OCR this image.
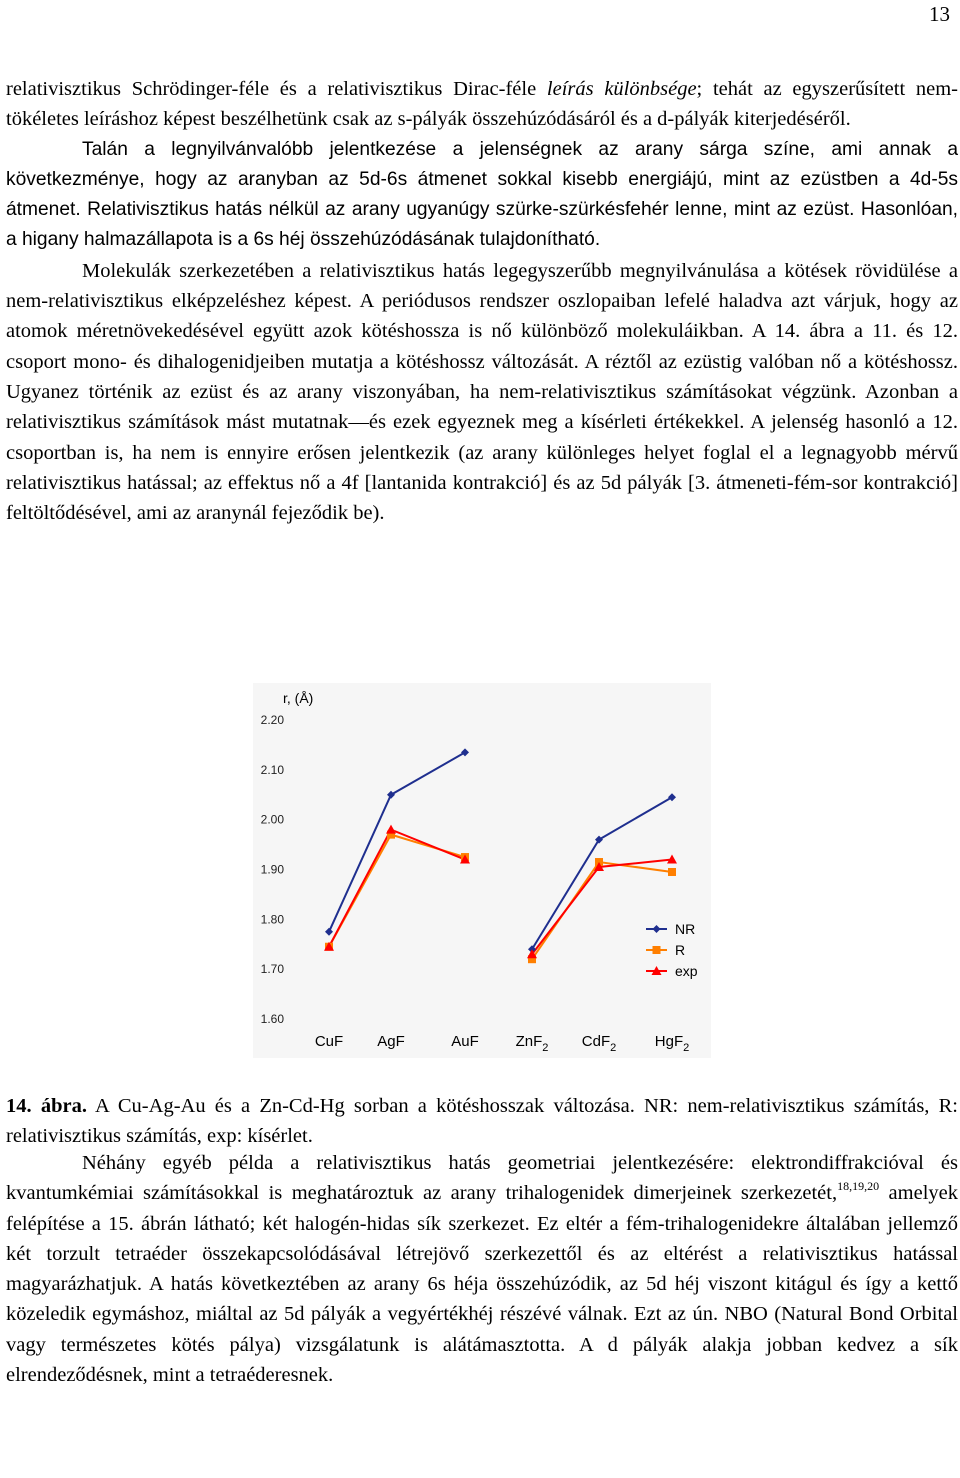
13

relativisztikus Schrödinger-féle és a relativisztikus Dirac-féle leírás különbsége; tehát az egyszerűsített nem-tökéletes leíráshoz képest beszélhetünk csak az s-pályák összehúzódásáról és a d-pályák kiterjedéséről.

Talán a legnyilvánvalóbb jelentkezése a jelenségnek az arany sárga színe, ami annak a következménye, hogy az aranyban az 5d-6s átmenet sokkal kisebb energiájú, mint az ezüstben a 4d-5s átmenet. Relativisztikus hatás nélkül az arany ugyanúgy szürke-szürkésfehér lenne, mint az ezüst. Hasonlóan, a higany halmazállapota is a 6s héj összehúzódásának tulajdonítható.

Molekulák szerkezetében a relativisztikus hatás legegyszerűbb megnyilvánulása a kötések rövidülése a nem-relativisztikus elképzeléshez képest. A periódusos rendszer oszlopaiban lefelé haladva azt várjuk, hogy az atomok méretnövekedésével együtt azok kötéshossza is nő különböző molekuláikban. A 14. ábra a 11. és 12. csoport mono- és dihalogenidjeiben mutatja a kötéshossz változását. A réztől az ezüstig valóban nő a kötéshossz. Ugyanez történik az ezüst és az arany viszonyában, ha nem-relativisztikus számításokat végzünk. Azonban a relativisztikus számítások mást mutatnak—és ezek egyeznek meg a kísérleti értékekkel. A jelenség hasonló a 12. csoportban is, ha nem is ennyire erősen jelentkezik (az arany különleges helyet foglal el a legnagyobb mérvű relativisztikus hatással; az effektus nő a 4f [lantanida kontrakció] és az 5d pályák [3. átmeneti-fém-sor kontrakció] feltöltődésével, ami az aranynál fejeződik be).

r, (Å)
1.60
1.70
1.80
1.90
2.00
2.10
2.20
CuF AgF	AuF ZnF$_2$ CdF$_2$	HgF$_2$
NR
R
exp

14. ábra. A Cu-Ag-Au és a Zn-Cd-Hg sorban a kötéshosszak változása. NR: nem-relativisztikus számítás, R: relativisztikus számítás, exp: kísérlet.

Néhány egyéb példa a relativisztikus hatás geometriai jelentkezésére: elektrondiffrakcióval és kvantumkémiai számításokkal is meghatároztuk az arany trihalogenidek dimerjeinek szerkezetét,$^{18,19,20}$ amelyek felépítése a 15. ábrán látható; két halogén-hidas sík szerkezet. Ez eltér a fém-trihalogenidekre általában jellemző két torzult tetraéder összekapcsolódásával létrejövő szerkezettől és az eltérést a relativisztikus hatással magyarázhatjuk. A hatás következtében az arany 6s héja összehúzódik, az 5d héj viszont kitágul és így a kettő közeledik egymáshoz, miáltal az 5d pályák a vegyértékhéj részévé válnak. Ezt az ún. NBO (Natural Bond Orbital vagy természetes kötés pálya) vizsgálatunk is alátámasztotta. A d pályák alakja jobban kedvez a sík elrendeződésnek, mint a tetraéderesnek.
